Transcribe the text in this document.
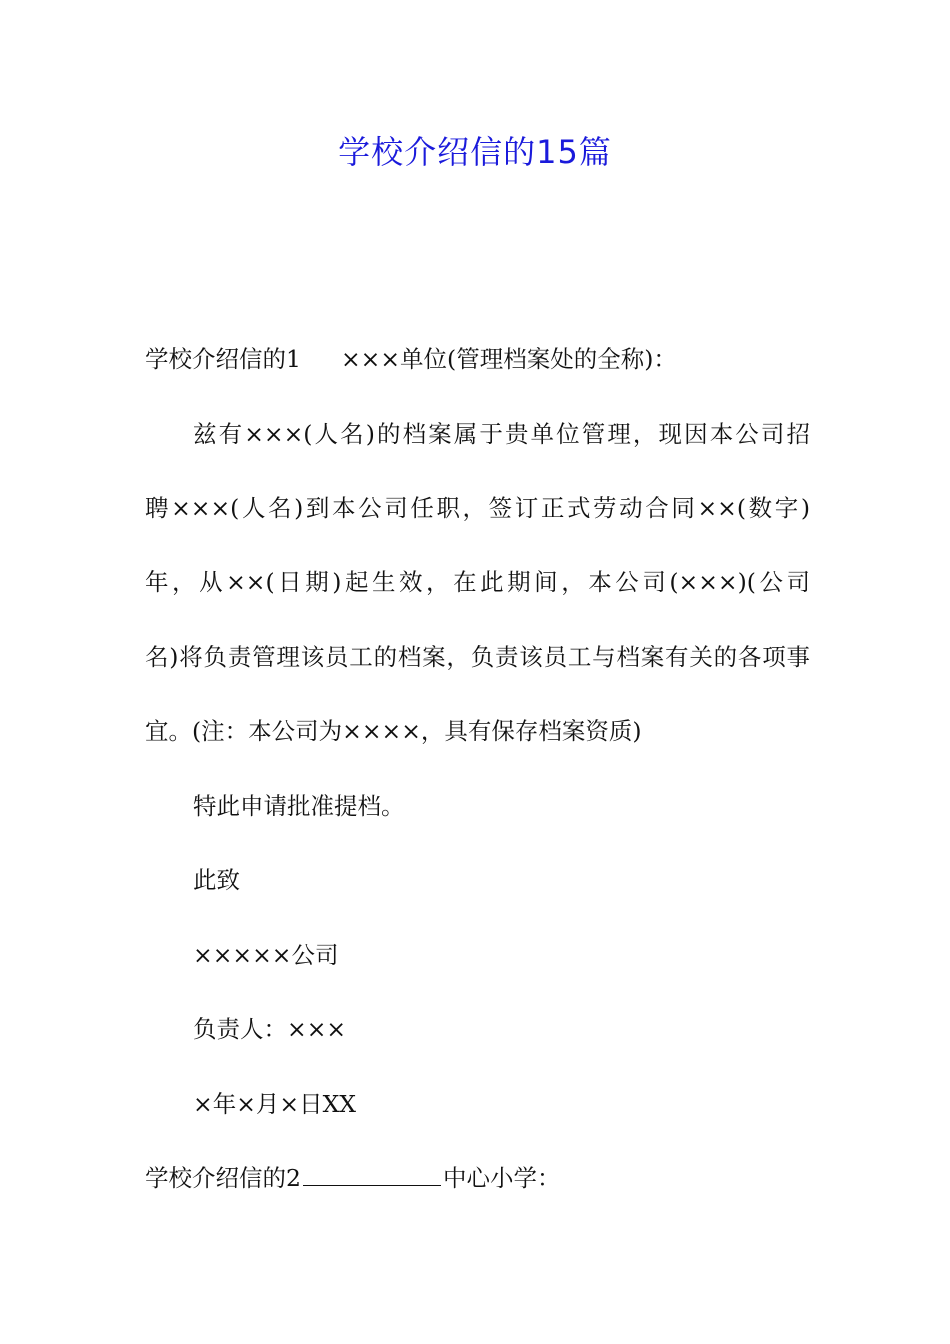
学校介绍信的15篇
学校介绍信的1 ×××单位(管理档案处的全称)：
兹有×××(人名)的档案属于贵单位管理，现因本公司招
聘×××(人名)到本公司任职，签订正式劳动合同××(数字)
年，从××(日期)起生效，在此期间，本公司(×××)(公司
名)将负责管理该员工的档案，负责该员工与档案有关的各项事
宜。(注：本公司为××××，具有保存档案资质)
特此申请批准提档。
此致
×××××公司
负责人：×××
×年×月×日XX
学校介绍信的2	中心小学：
